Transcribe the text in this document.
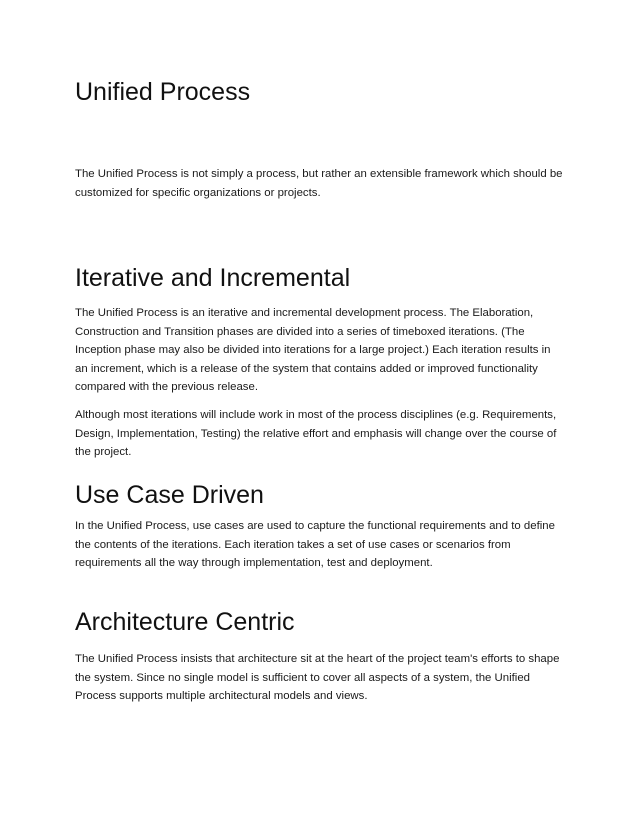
Unified Process

The Unified Process is not simply a process, but rather an extensible framework which should be customized for specific organizations or projects.

Iterative and Incremental

The Unified Process is an iterative and incremental development process. The Elaboration, Construction and Transition phases are divided into a series of timeboxed iterations. (The Inception phase may also be divided into iterations for a large project.) Each iteration results in an increment, which is a release of the system that contains added or improved functionality compared with the previous release.

Although most iterations will include work in most of the process disciplines (e.g. Requirements, Design, Implementation, Testing) the relative effort and emphasis will change over the course of the project.

Use Case Driven

In the Unified Process, use cases are used to capture the functional requirements and to define the contents of the iterations. Each iteration takes a set of use cases or scenarios from requirements all the way through implementation, test and deployment.

Architecture Centric

The Unified Process insists that architecture sit at the heart of the project team's efforts to shape the system. Since no single model is sufficient to cover all aspects of a system, the Unified Process supports multiple architectural models and views.
